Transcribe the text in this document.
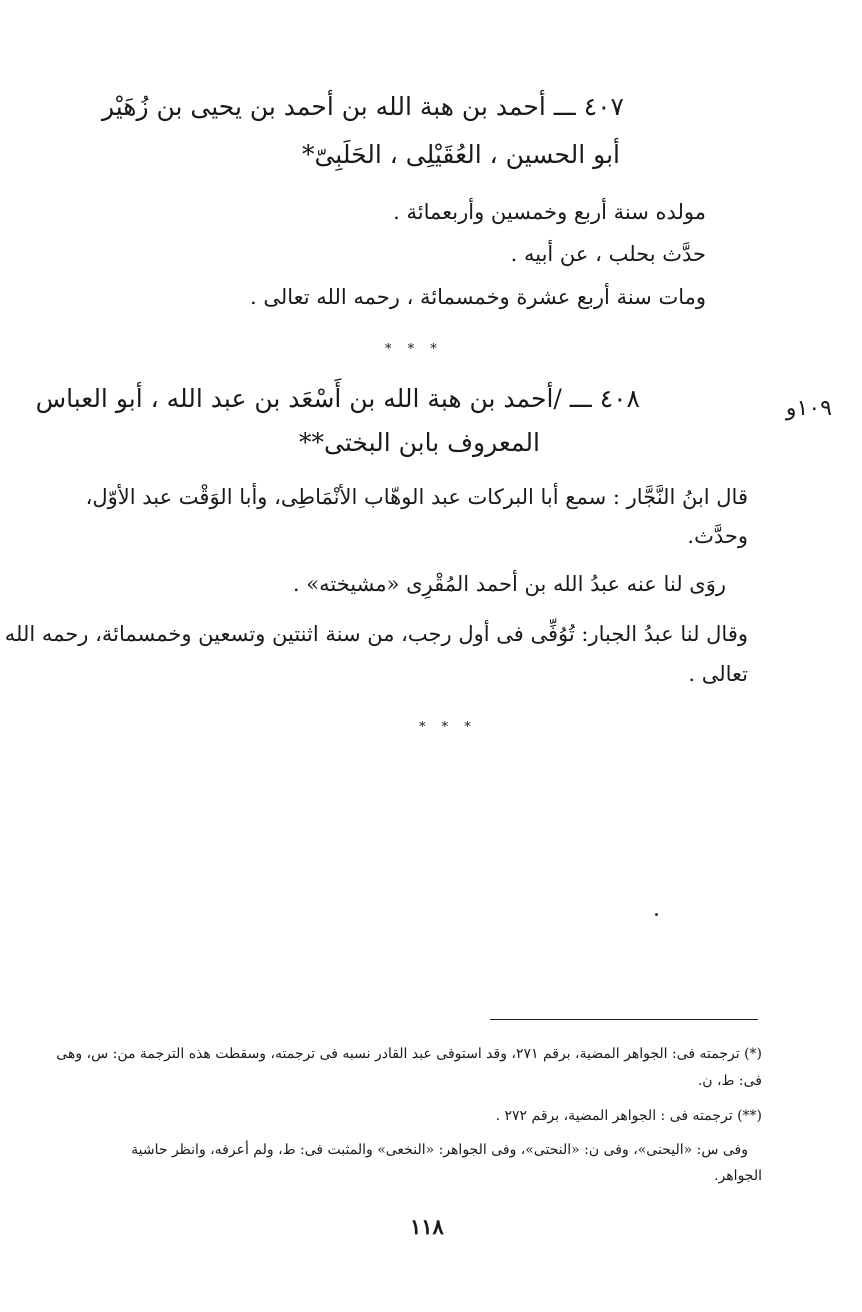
٤٠٧ ـــ أحمد بن هبة الله بن أحمد بن يحيى بن زُهَيْر
أبو الحسين ، العُقَيْلِى ، الحَلَبِىّ*
مولده سنة أربع وخمسين وأربعمائة .
حدَّث بحلب ، عن أبيه .
ومات سنة أربع عشرة وخمسمائة ، رحمه الله تعالى .
* * *
١٠٩و
٤٠٨ ـــ /أحمد بن هبة الله بن أَسْعَد بن عبد الله ، أبو العباس
المعروف بابن البختى**
قال ابنُ النَّجَّار : سمع أبا البركات عبد الوهّاب الأنْمَاطِى، وأبا الوَقْت عبد الأوّل،
وحدَّث.
روَى لنا عنه عبدُ الله بن أحمد المُقْرِى «مشيخته» .
وقال لنا عبدُ الجبار: تُوُفِّى فى أول رجب، من سنة اثنتين وتسعين وخمسمائة، رحمه الله
تعالى .
* * *
(*) ترجمته فى: الجواهر المضية، برقم ٢٧١، وقد استوفى عبد القادر نسبه فى ترجمته، وسقطت هذه الترجمة من: س، وهى
فى: ط، ن.
(**) ترجمته فى : الجواهر المضية، برقم ٢٧٢ .
وفى س: «اليحنى»، وفى ن: «النحتى»، وفى الجواهر: «النخعى» والمثبت فى: ط، ولم أعرفه، وانظر حاشية
الجواهر.
١١٨
